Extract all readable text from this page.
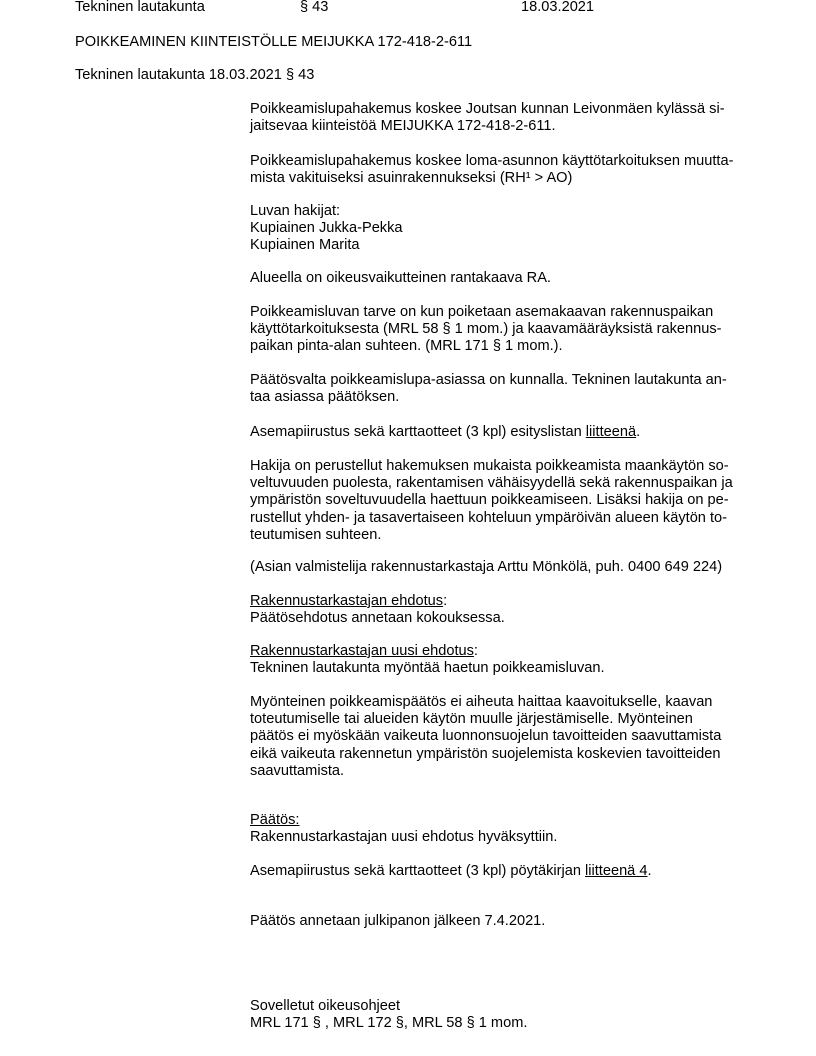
Tekninen lautakunta	§ 43	18.03.2021
POIKKEAMINEN KIINTEISTÖLLE MEIJUKKA 172-418-2-611
Tekninen lautakunta 18.03.2021 § 43

Poikkeamislupahakemus koskee Joutsan kunnan Leivonmäen kylässä si-

jaitsevaa kiinteistöä MEIJUKKA 172-418-2-611.

Poikkeamislupahakemus koskee loma-asunnon käyttötarkoituksen muutta-

mista vakituiseksi asuinrakennukseksi (RH¹ > AO)

Luvan hakijat:

Kupiainen Jukka-Pekka

Kupiainen Marita

Alueella on oikeusvaikutteinen rantakaava RA.

Poikkeamisluvan tarve on kun poiketaan asemakaavan rakennuspaikan

käyttötarkoituksesta (MRL 58 § 1 mom.) ja kaavamääräyksistä rakennus-

paikan pinta-alan suhteen. (MRL 171 § 1 mom.).

Päätösvalta poikkeamislupa-asiassa on kunnalla. Tekninen lautakunta an-

taa asiassa päätöksen.

Asemapiirustus sekä karttaotteet (3 kpl) esityslistan liitteenä.

Hakija on perustellut hakemuksen mukaista poikkeamista maankäytön so-

veltuvuuden puolesta, rakentamisen vähäisyydellä sekä rakennuspaikan ja

ympäristön soveltuvuudella haettuun poikkeamiseen. Lisäksi hakija on pe-

rustellut yhden- ja tasavertaiseen kohteluun ympäröivän alueen käytön to-

teutumisen suhteen.

(Asian valmistelija rakennustarkastaja Arttu Mönkölä, puh. 0400 649 224)

Rakennustarkastajan ehdotus:

Päätösehdotus annetaan kokouksessa.

Rakennustarkastajan uusi ehdotus:

Tekninen lautakunta myöntää haetun poikkeamisluvan.

Myönteinen poikkeamispäätös ei aiheuta haittaa kaavoitukselle, kaavan

toteutumiselle tai alueiden käytön muulle järjestämiselle. Myönteinen

päätös ei myöskään vaikeuta luonnonsuojelun tavoitteiden saavuttamista

eikä vaikeuta rakennetun ympäristön suojelemista koskevien tavoitteiden

saavuttamista.

Päätös:

Rakennustarkastajan uusi ehdotus hyväksyttiin.

Asemapiirustus sekä karttaotteet (3 kpl) pöytäkirjan liitteenä 4.

Päätös annetaan julkipanon jälkeen 7.4.2021.

Sovelletut oikeusohjeet

MRL 171 § , MRL 172 §, MRL 58 § 1 mom.
